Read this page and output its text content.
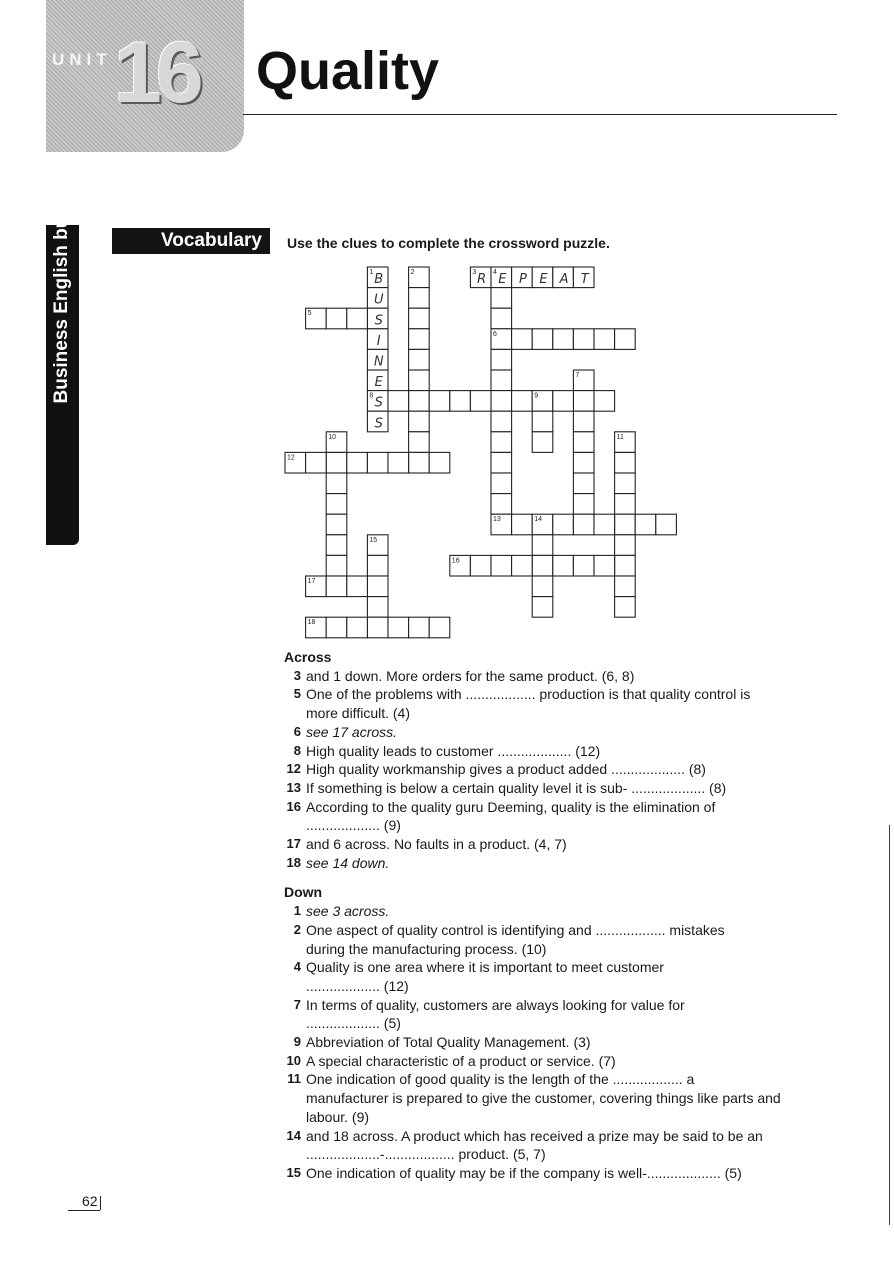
UNIT 16 Quality
Business English builder	Vocabulary Use the clues to complete the crossword puzzle.
1	2	3 4
5
6
7
8	9
10	11
12
13	14
15
16
17
18
R E P E A T
B
U
S
I
N
E
S
S
Across
3 and 1 down. More orders for the same product. (6, 8)
5 One of the problems with .................. production is that quality control is
more difficult. (4)
6 see 17 across.
8 High quality leads to customer ................... (12)
12 High quality workmanship gives a product added ................... (8)
13 If something is below a certain quality level it is sub- ................... (8)
16 According to the quality guru Deeming, quality is the elimination of
................... (9)
17 and 6 across. No faults in a product. (4, 7)
18 see 14 down.
Down
1 see 3 across.
2 One aspect of quality control is identifying and .................. mistakes
during the manufacturing process. (10)
4 Quality is one area where it is important to meet customer
................... (12)
7 In terms of quality, customers are always looking for value for
................... (5)
9 Abbreviation of Total Quality Management. (3)
10 A special characteristic of a product or service. (7)
11 One indication of good quality is the length of the .................. a
manufacturer is prepared to give the customer, covering things like parts and
labour. (9)
14 and 18 across. A product which has received a prize may be said to be an
...................-.................. product. (5, 7)
15 One indication of quality may be if the company is well-................... (5)
62
